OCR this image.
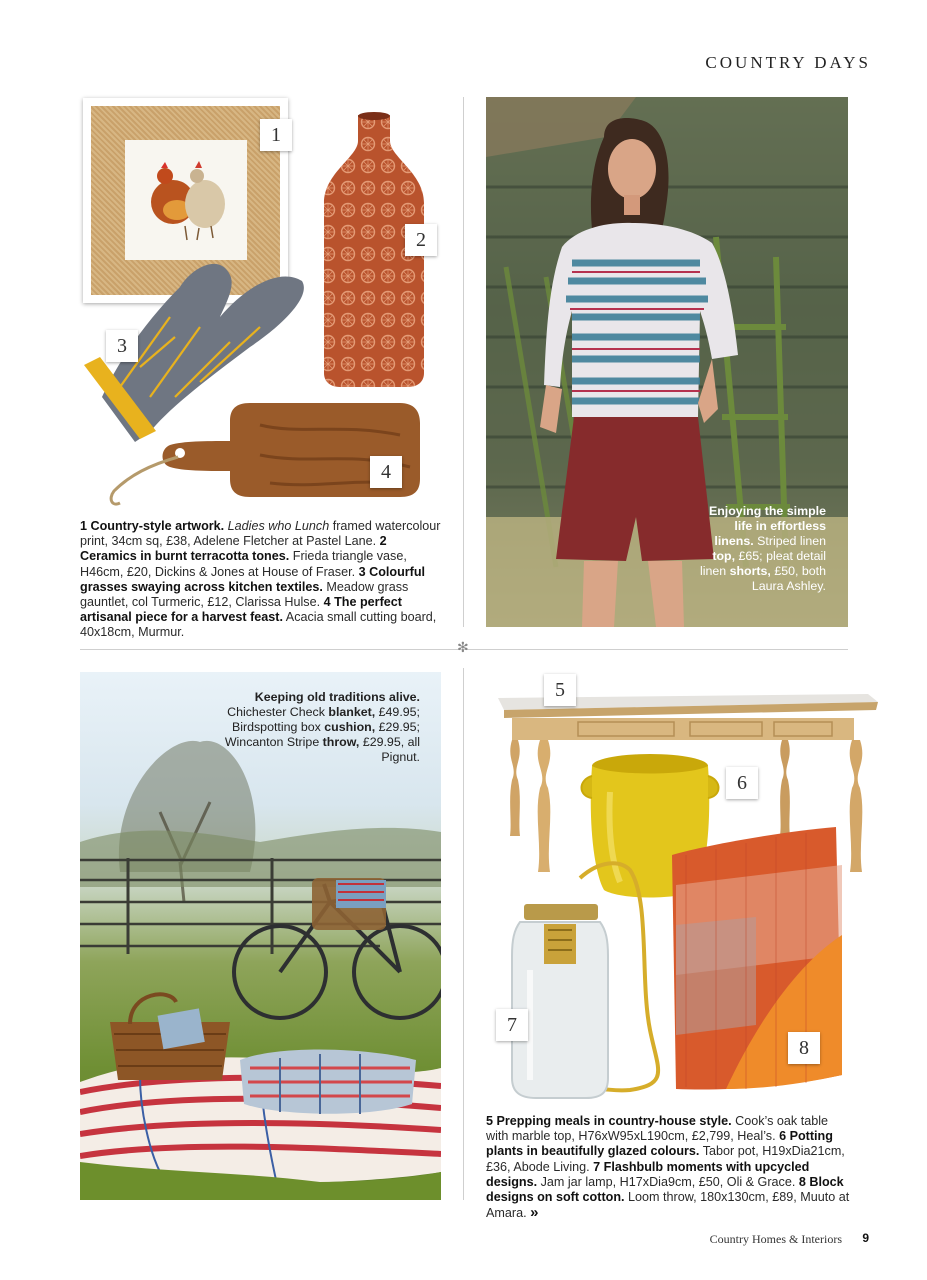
COUNTRY DAYS
✻
1
2
3
4
1 Country-style artwork. Ladies who Lunch framed watercolour print, 34cm sq, £38, Adelene Fletcher at Pastel Lane. 2 Ceramics in burnt terracotta tones. Frieda triangle vase, H46cm, £20, Dickins & Jones at House of Fraser. 3 Colourful grasses swaying across kitchen textiles. Meadow grass gauntlet, col Turmeric, £12, Clarissa Hulse. 4 The perfect artisanal piece for a harvest feast. Acacia small cutting board, 40x18cm, Murmur.
Enjoying the simple life in effortless linens. Striped linen top, £65; pleat detail linen shorts, £50, both Laura Ashley.
Keeping old traditions alive. Chichester Check blanket, £49.95; Birdspotting box cushion, £29.95; Wincanton Stripe throw, £29.95, all Pignut.
5
6
7
8
5 Prepping meals in country-house style. Cook’s oak table with marble top, H76xW95xL190cm, £2,799, Heal’s. 6 Potting plants in beautifully glazed colours. Tabor pot, H19xDia21cm, £36, Abode Living. 7 Flashbulb moments with upcycled designs. Jam jar lamp, H17xDia9cm, £50, Oli & Grace. 8 Block designs on soft cotton. Loom throw, 180x130cm, £89, Muuto at Amara. »
Country Homes & Interiors 9
